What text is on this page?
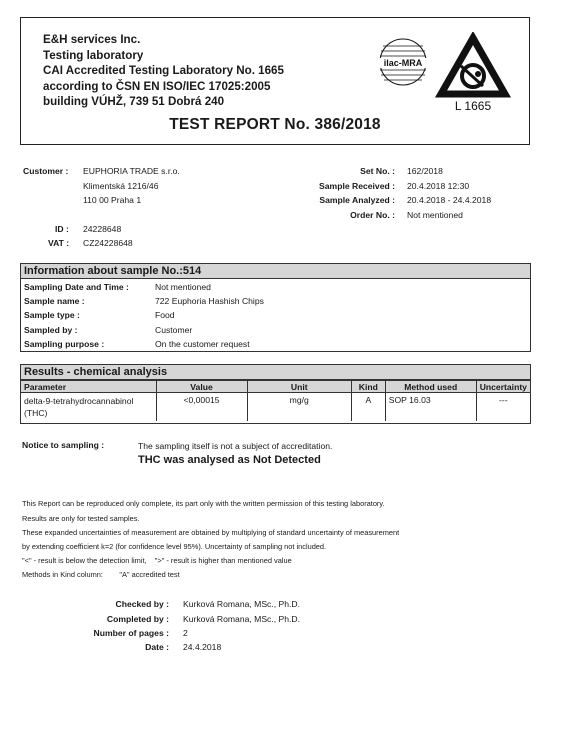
E&H services Inc.
Testing laboratory
CAI Accredited Testing Laboratory No. 1665
according to ČSN EN ISO/IEC 17025:2005
building VÚHŽ, 739 51 Dobrá 240
ilac-MRA
L 1665
TEST REPORT No. 386/2018
Customer : EUPHORIA TRADE s.r.o.
Klimentská 1216/46
110 00 Praha 1
ID : 24228648
VAT : CZ24228648
Set No. : 162/2018
Sample Received : 20.4.2018 12:30
Sample Analyzed : 20.4.2018 - 24.4.2018
Order No. : Not mentioned
Information about sample No.:514
Sampling Date and Time :	Not mentioned
Sample name :	722 Euphoria Hashish Chips
Sample type :	Food
Sampled by :	Customer
Sampling purpose :	On the customer request
Results - chemical analysis
Parameter	Value	Unit	Kind	Method used	Uncertainty
delta-9-tetrahydrocannabinol (THC)	<0,00015	mg/g	A	SOP 16.03	---
Notice to sampling :	The sampling itself is not a subject of accreditation.
THC was analysed as Not Detected
This Report can be reproduced only complete, its part only with the written permission of this testing laboratory.
Results are only for tested samples.
These expanded uncertainties of measurement are obtained by multiplying of standard uncertainty of measurement
by extending coefficient k=2 (for confidence level 95%). Uncertainty of sampling not included.
"<" - result is below the detection limit,    ">" - result is higher than mentioned value
Methods in Kind column:        "A" accredited test
Checked by : Kurková Romana, MSc., Ph.D.
Completed by : Kurková Romana, MSc., Ph.D.
Number of pages : 2
Date : 24.4.2018
